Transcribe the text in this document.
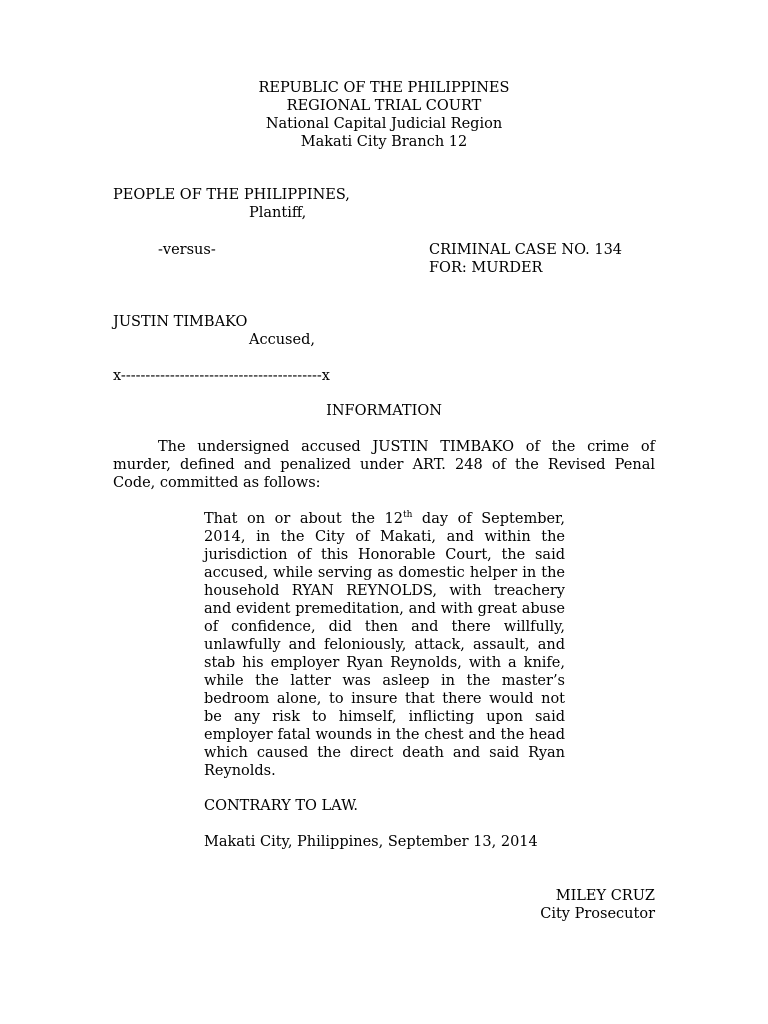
REPUBLIC OF THE PHILIPPINES
REGIONAL TRIAL COURT
National Capital Judicial Region
Makati City Branch 12
PEOPLE OF THE PHILIPPINES,
Plantiff,
-versus-	CRIMINAL CASE NO. 134
FOR: MURDER
JUSTIN TIMBAKO
Accused,
x-----------------------------------------x
INFORMATION

The undersigned accused JUSTIN TIMBAKO of the crime of murder, defined and penalized under ART. 248 of the Revised Penal Code, committed as follows:

That on or about the 12th day of September, 2014, in the City of Makati, and within the jurisdiction of this Honorable Court, the said accused, while serving as domestic helper in the household RYAN REYNOLDS, with treachery and evident premeditation, and with great abuse of confidence, did then and there willfully, unlawfully and feloniously, attack, assault, and stab his employer Ryan Reynolds, with a knife, while the latter was asleep in the master’s bedroom alone, to insure that there would not be any risk to himself, inflicting upon said employer fatal wounds in the chest and the head which caused the direct death and said Ryan Reynolds.

CONTRARY TO LAW.
Makati City, Philippines, September 13, 2014
MILEY CRUZ
City Prosecutor
